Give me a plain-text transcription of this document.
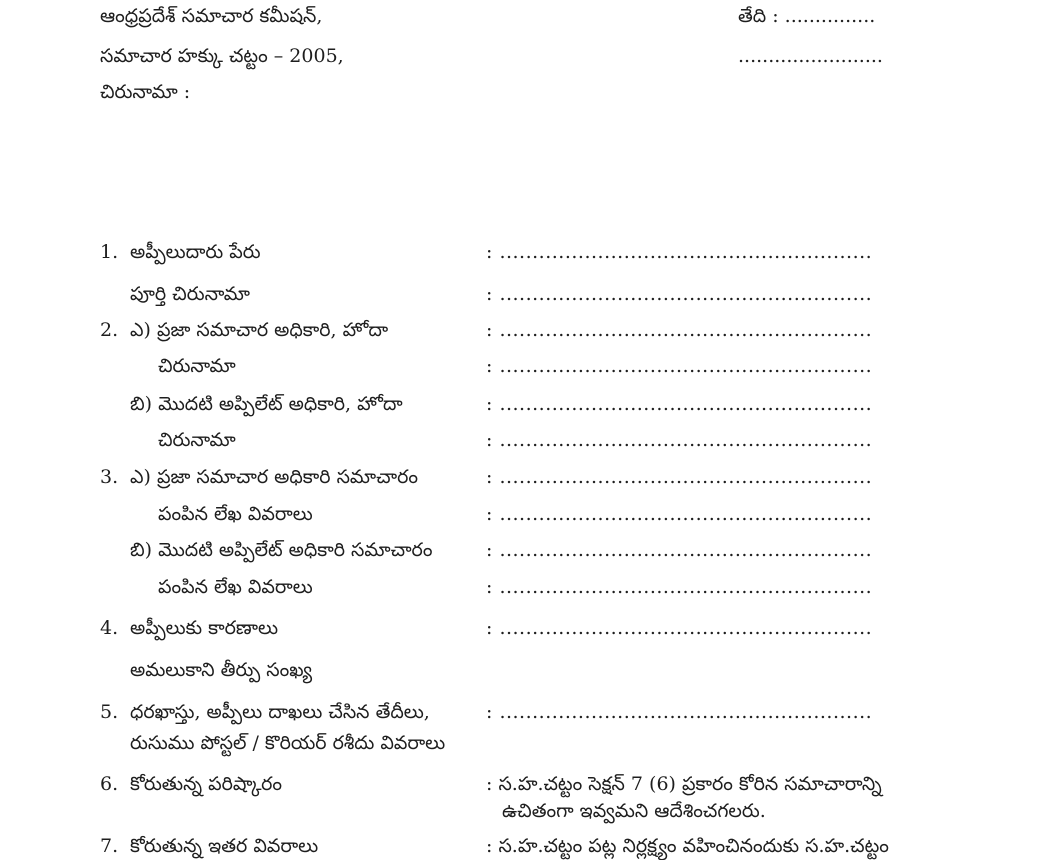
ఆంధ్రప్రదేశ్ సమాచార కమీషన్,
సమాచార హక్కు చట్టం – 2005,
చిరునామా :
తేది : ...............
........................
1. అప్పీలుదారు పేరు	: .........................................................
పూర్తి చిరునామా	: .........................................................
2. ఎ) ప్రజా సమాచార అధికారి, హోదా	: .........................................................
చిరునామా	: .........................................................
బి) మొదటి అప్పిలేట్ అధికారి, హోదా	: .........................................................
చిరునామా	: .........................................................
3. ఎ) ప్రజా సమాచార అధికారి సమాచారం	: .........................................................
పంపిన లేఖ వివరాలు	: .........................................................
బి) మొదటి అప్పిలేట్ అధికారి సమాచారం	: .........................................................
పంపిన లేఖ వివరాలు	: .........................................................
4. అప్పీలుకు కారణాలు	: .........................................................
అమలుకాని తీర్పు సంఖ్య
5. ధరఖాస్తు, అప్పీలు దాఖలు చేసిన తేదీలు,	: .........................................................
రుసుము పోస్టల్ / కొరియర్ రశీదు వివరాలు
6. కోరుతున్న పరిష్కారం	: స.హ.చట్టం సెక్షన్ 7 (6) ప్రకారం కోరిన సమాచారాన్ని
ఉచితంగా ఇవ్వమని ఆదేశించగలరు.
7. కోరుతున్న ఇతర వివరాలు	: స.హ.చట్టం పట్ల నిర్లక్ష్యం వహించినందుకు స.హ.చట్టం
